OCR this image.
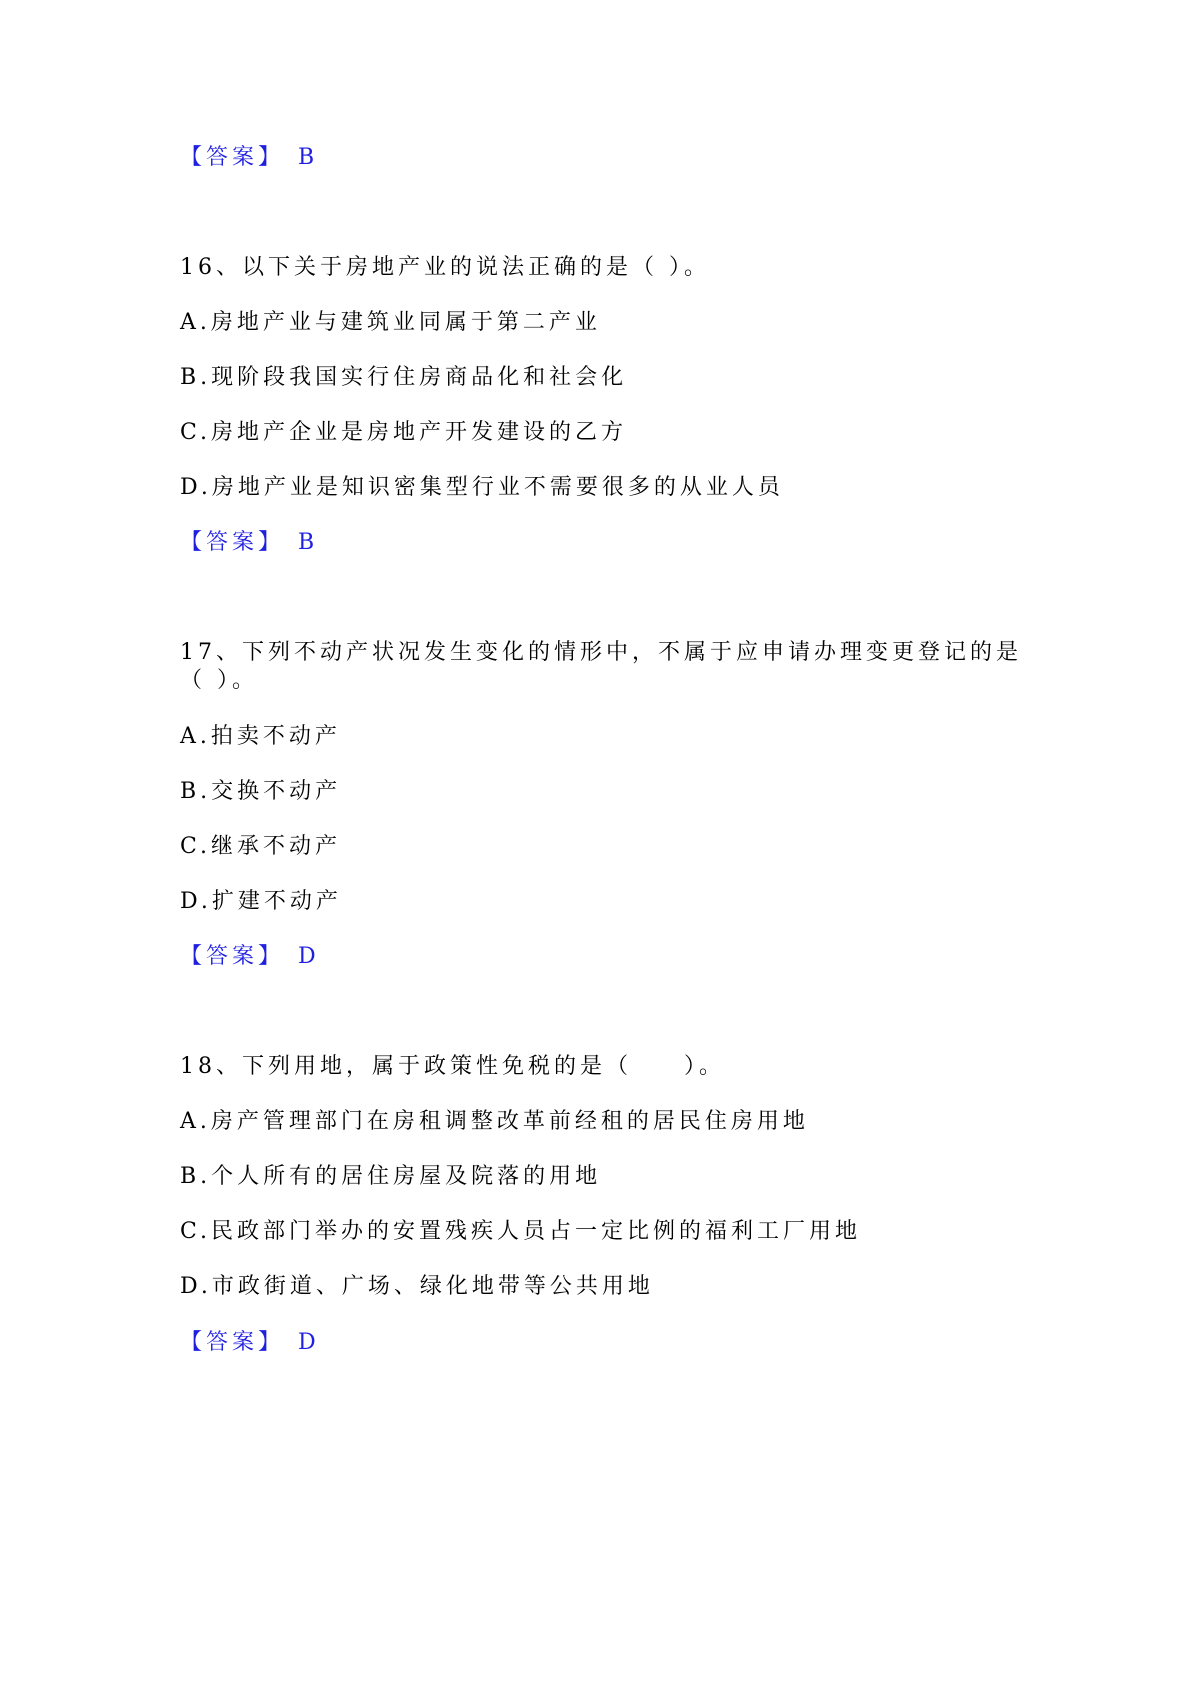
【答案】 B
16、以下关于房地产业的说法正确的是（ ）。
A.房地产业与建筑业同属于第二产业
B.现阶段我国实行住房商品化和社会化
C.房地产企业是房地产开发建设的乙方
D.房地产业是知识密集型行业不需要很多的从业人员
【答案】 B
17、下列不动产状况发生变化的情形中，不属于应申请办理变更登记的是
（ ）。
A.拍卖不动产
B.交换不动产
C.继承不动产
D.扩建不动产
【答案】 D
18、下列用地，属于政策性免税的是（　　）。
A.房产管理部门在房租调整改革前经租的居民住房用地
B.个人所有的居住房屋及院落的用地
C.民政部门举办的安置残疾人员占一定比例的福利工厂用地
D.市政街道、广场、绿化地带等公共用地
【答案】 D
